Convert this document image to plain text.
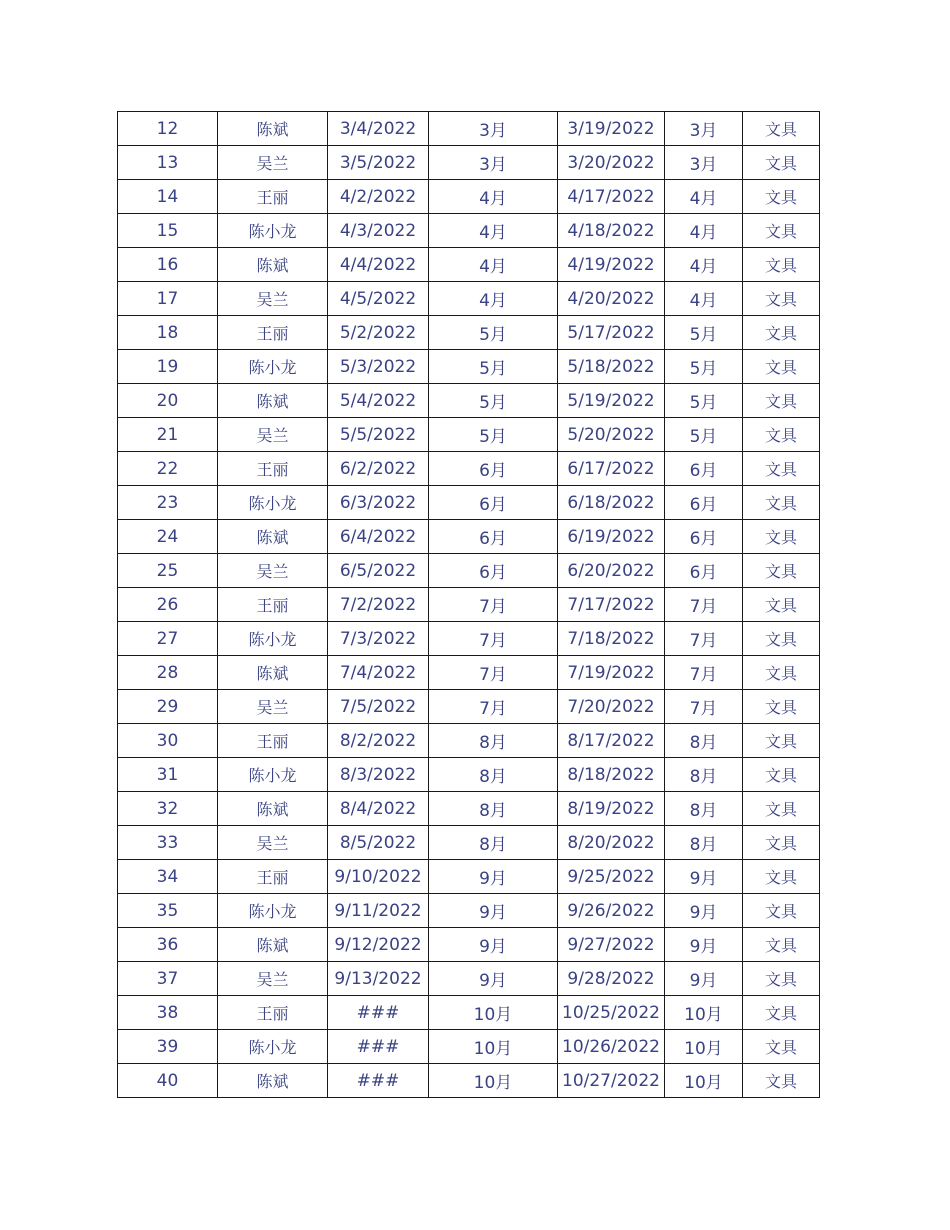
12	陈斌	3/4/2022	3月	3/19/2022	3月	文具
13	吴兰	3/5/2022	3月	3/20/2022	3月	文具
14	王丽	4/2/2022	4月	4/17/2022	4月	文具
15	陈小龙	4/3/2022	4月	4/18/2022	4月	文具
16	陈斌	4/4/2022	4月	4/19/2022	4月	文具
17	吴兰	4/5/2022	4月	4/20/2022	4月	文具
18	王丽	5/2/2022	5月	5/17/2022	5月	文具
19	陈小龙	5/3/2022	5月	5/18/2022	5月	文具
20	陈斌	5/4/2022	5月	5/19/2022	5月	文具
21	吴兰	5/5/2022	5月	5/20/2022	5月	文具
22	王丽	6/2/2022	6月	6/17/2022	6月	文具
23	陈小龙	6/3/2022	6月	6/18/2022	6月	文具
24	陈斌	6/4/2022	6月	6/19/2022	6月	文具
25	吴兰	6/5/2022	6月	6/20/2022	6月	文具
26	王丽	7/2/2022	7月	7/17/2022	7月	文具
27	陈小龙	7/3/2022	7月	7/18/2022	7月	文具
28	陈斌	7/4/2022	7月	7/19/2022	7月	文具
29	吴兰	7/5/2022	7月	7/20/2022	7月	文具
30	王丽	8/2/2022	8月	8/17/2022	8月	文具
31	陈小龙	8/3/2022	8月	8/18/2022	8月	文具
32	陈斌	8/4/2022	8月	8/19/2022	8月	文具
33	吴兰	8/5/2022	8月	8/20/2022	8月	文具
34	王丽	9/10/2022	9月	9/25/2022	9月	文具
35	陈小龙	9/11/2022	9月	9/26/2022	9月	文具
36	陈斌	9/12/2022	9月	9/27/2022	9月	文具
37	吴兰	9/13/2022	9月	9/28/2022	9月	文具
38	王丽	###	10月	10/25/2022	10月	文具
39	陈小龙	###	10月	10/26/2022	10月	文具
40	陈斌	###	10月	10/27/2022	10月	文具
